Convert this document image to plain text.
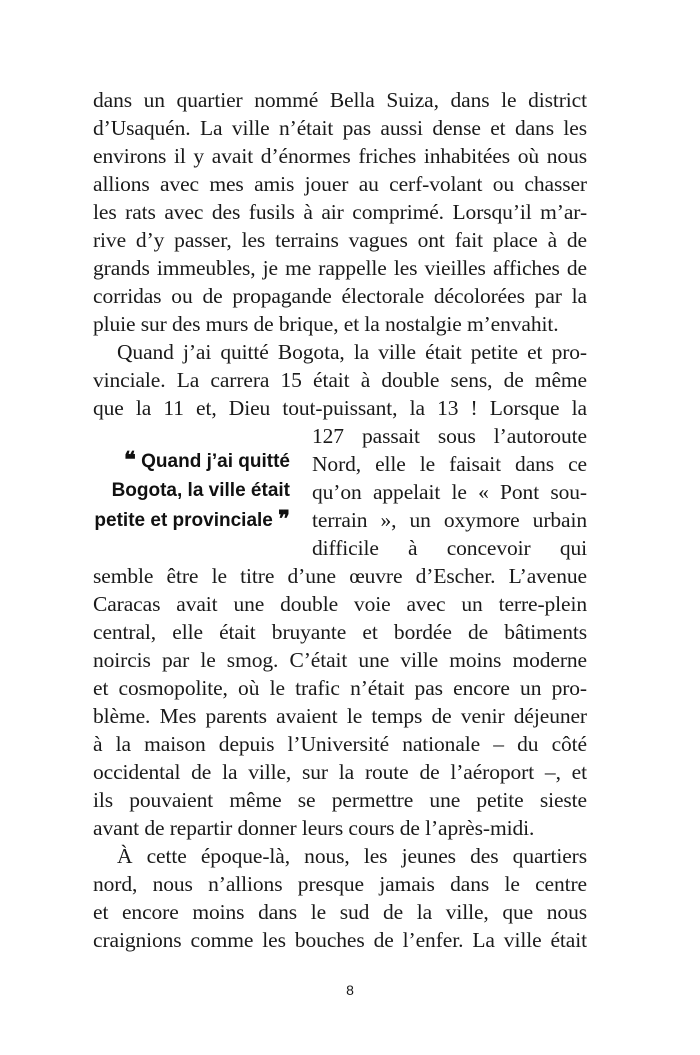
dans un quartier nommé Bella Suiza, dans le district
d’Usaquén. La ville n’était pas aussi dense et dans les
environs il y avait d’énormes friches inhabitées où nous
allions avec mes amis jouer au cerf-volant ou chasser
les rats avec des fusils à air comprimé. Lorsqu’il m’ar-
rive d’y passer, les terrains vagues ont fait place à de
grands immeubles, je me rappelle les vieilles affiches de
corridas ou de propagande électorale décolorées par la
pluie sur des murs de brique, et la nostalgie m’envahit.
Quand j’ai quitté Bogota, la ville était petite et pro-
vinciale. La carrera 15 était à double sens, de même
que la 11 et, Dieu tout-puissant, la 13 ! Lorsque la
127 passait sous l’autoroute
Nord, elle le faisait dans ce
qu’on appelait le « Pont sou-
terrain », un oxymore urbain
difficile à concevoir qui
semble être le titre d’une œuvre d’Escher. L’avenue
Caracas avait une double voie avec un terre-plein
central, elle était bruyante et bordée de bâtiments
noircis par le smog. C’était une ville moins moderne
et cosmopolite, où le trafic n’était pas encore un pro-
blème. Mes parents avaient le temps de venir déjeuner
à la maison depuis l’Université nationale – du côté
occidental de la ville, sur la route de l’aéroport –, et
ils pouvaient même se permettre une petite sieste
avant de repartir donner leurs cours de l’après-midi.
À cette époque-là, nous, les jeunes des quartiers
nord, nous n’allions presque jamais dans le centre
et encore moins dans le sud de la ville, que nous
craignions comme les bouches de l’enfer. La ville était
❝ Quand j’ai quitté
Bogota, la ville était
petite et provinciale ❞
8
